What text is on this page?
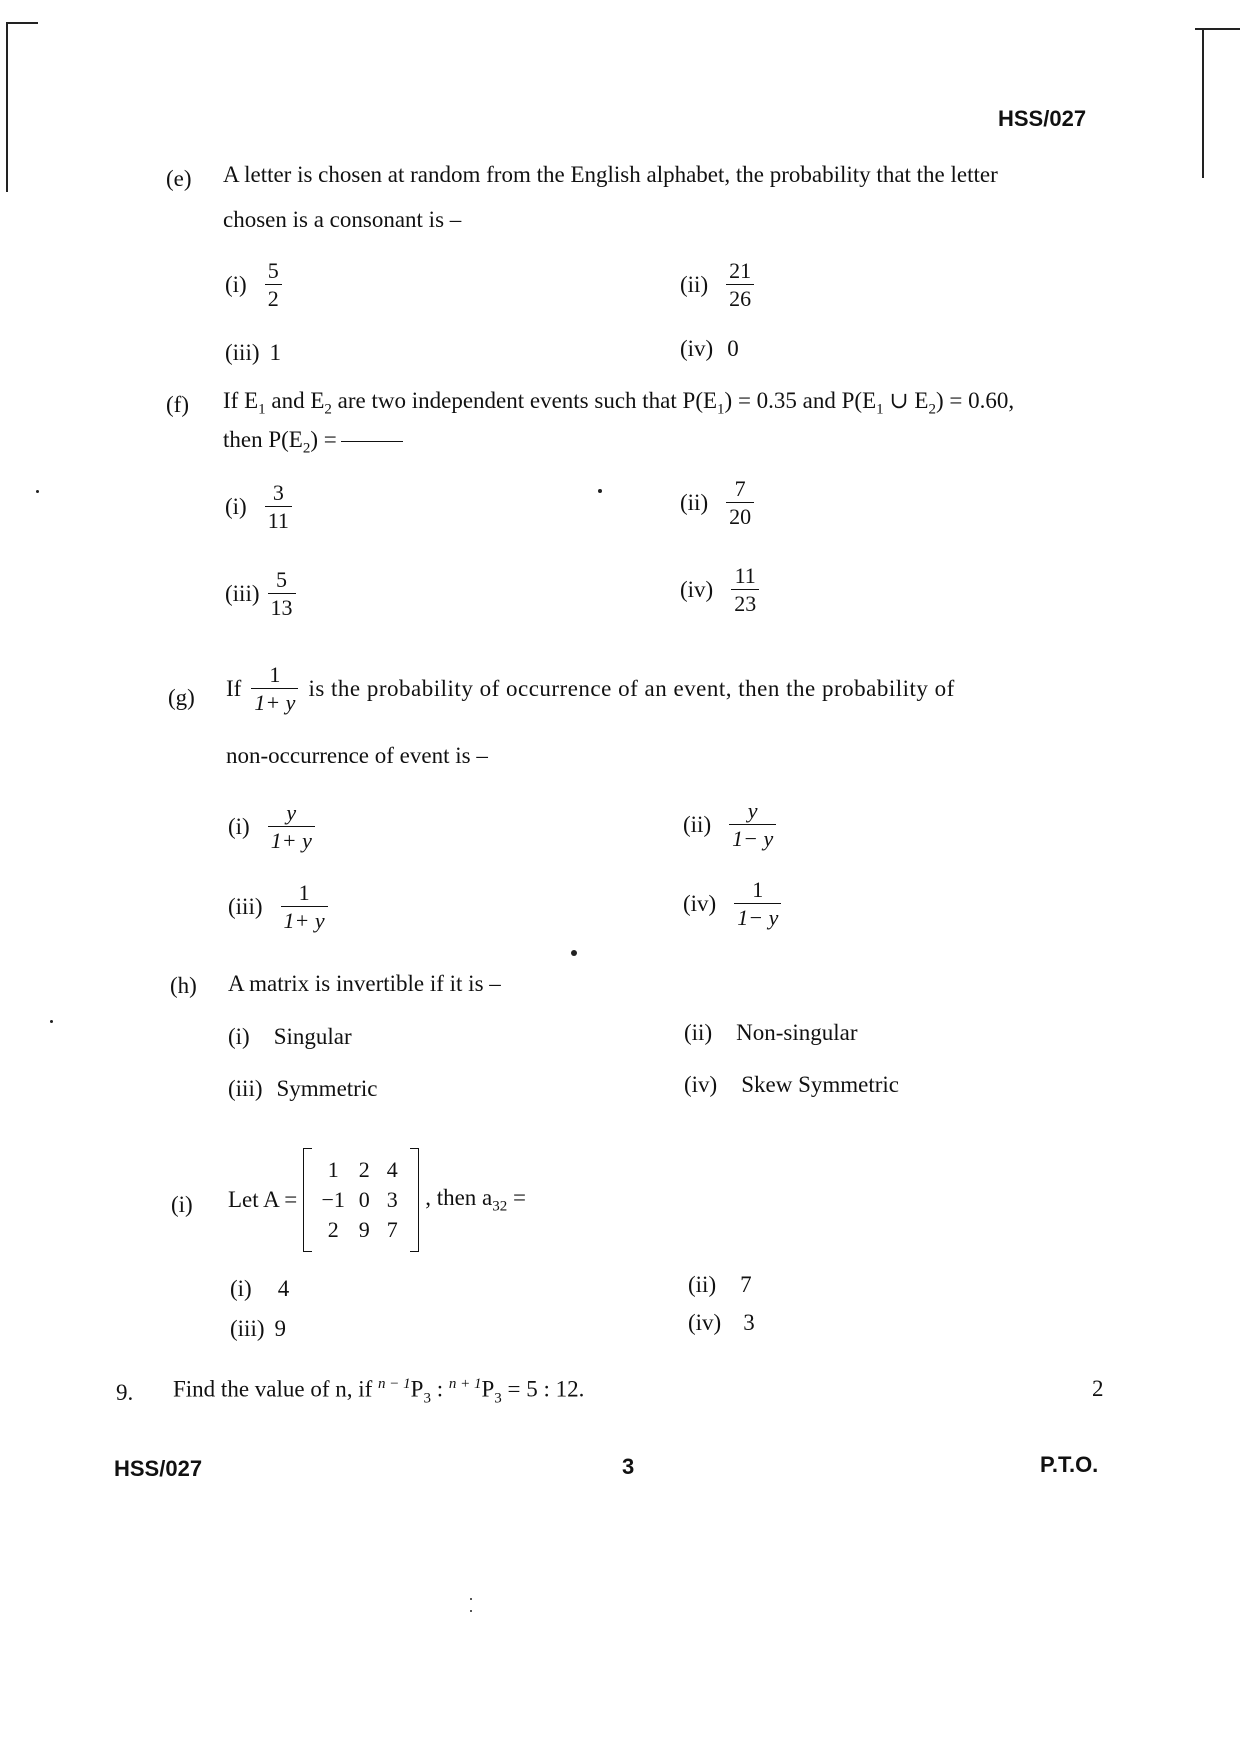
HSS/027
(e) A letter is chosen at random from the English alphabet, the probability that the letter
chosen is a consonant is –
$(i) \frac{5}{2}$	$(ii) \frac{21}{26}$
(iii) 1	(iv) 0
(f) If $E_1$ and $E_2$ are two independent events such that $P(E_1) = 0.35$ and $P(E_1$ ∪ $E_2) = 0.60$,
then $P(E_2)$ =
$(i) \frac{3}{11}$	$(ii) \frac{7}{20}$
$(iii) \frac{5}{13}$	$(iv) \frac{11}{23}$
(g) If $\frac{1}{1+ y}$ is the probability of occurrence of an event, then the probability of
non-occurrence of event is –
$(i) \frac{y}{1+ y}$	$(ii) \frac{y}{1- y}$
$(iii) \frac{1}{1+ y}$	$(iv) \frac{1}{1- y}$
(h) A matrix is invertible if it is –
(i) Singular	(ii) Non-singular
(iii) Symmetric	(iv) Skew Symmetric
(i) Let A =
1 2 4
−1 0 3
2 9 7
, then $a_{32}$ =
(i) 4	(ii) 7
(iii) 9	(iv) 3
9. Find the value of n, if $^{n - 1}P_3$ : $^{n + 1}P_3 = 5$ : 12.	2
HSS/027	3	P.T.O.
